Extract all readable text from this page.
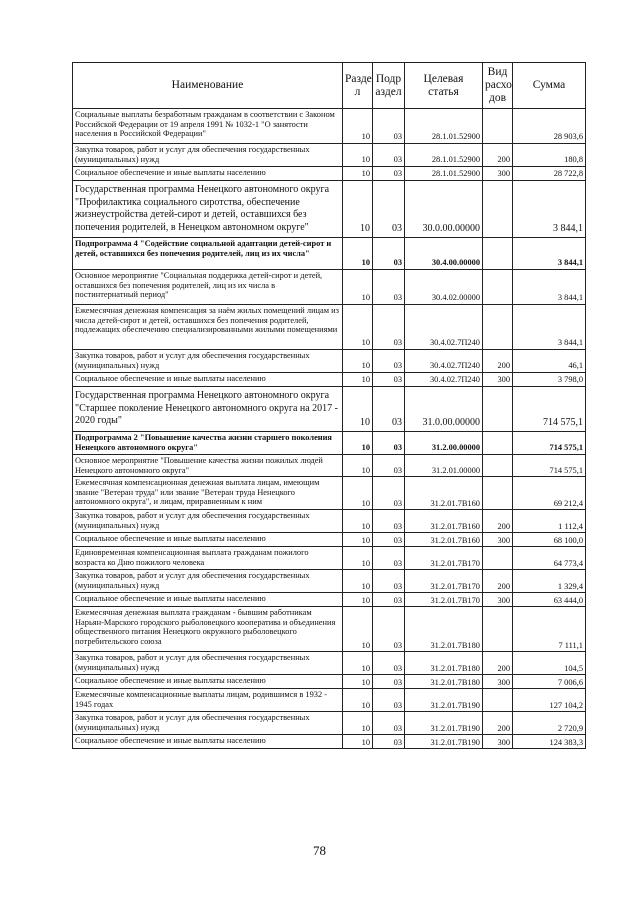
Наименование	Разде л	Подр аздел	Целевая статья	Вид расхо дов	Сумма
Социальные выплаты безработным гражданам в соответствии с Законом Российской Федерации от 19 апреля 1991 № 1032-1 "О занятости населения в Российской Федерации"	10	03	28.1.01.52900		28 903,6
Закупка товаров, работ и услуг для обеспечения государственных (муниципальных) нужд	10	03	28.1.01.52900	200	180,8
Социальное обеспечение и иные выплаты населению	10	03	28.1.01.52900	300	28 722,8
Государственная программа Ненецкого автономного округа "Профилактика социального сиротства, обеспечение жизнеустройства детей-сирот и детей, оставшихся без попечения родителей, в Ненецком автономном округе"	10	03	30.0.00.00000		3 844,1
Подпрограмма 4 "Содействие социальной адаптации детей-сирот и детей, оставшихся без попечения родителей, лиц из их числа"	10	03	30.4.00.00000		3 844,1
Основное мероприятие "Социальная поддержка детей-сирот и детей, оставшихся без попечения родителей, лиц из их числа в постинтернатный период"	10	03	30.4.02.00000		3 844,1
Ежемесячная денежная компенсация за наём жилых помещений лицам из числа детей-сирот и детей, оставшихся без попечения родителей, подлежащих обеспечению специализированными жилыми помещениями	10	03	30.4.02.7П240		3 844,1
Закупка товаров, работ и услуг для обеспечения государственных (муниципальных) нужд	10	03	30.4.02.7П240	200	46,1
Социальное обеспечение и иные выплаты населению	10	03	30.4.02.7П240	300	3 798,0
Государственная программа Ненецкого автономного округа "Старшее поколение Ненецкого автономного округа на 2017 - 2020 годы"	10	03	31.0.00.00000		714 575,1
Подпрограмма 2 "Повышение качества жизни старшего поколения Ненецкого автономного округа"	10	03	31.2.00.00000		714 575,1
Основное мероприятие "Повышение качества жизни пожилых людей Ненецкого автономного округа"	10	03	31.2.01.00000		714 575,1
Ежемесячная компенсационная денежная выплата лицам, имеющим звание "Ветеран труда" или звание "Ветеран труда Ненецкого автономного округа", и лицам, приравненным к ним	10	03	31.2.01.7В160		69 212,4
Закупка товаров, работ и услуг для обеспечения государственных (муниципальных) нужд	10	03	31.2.01.7В160	200	1 112,4
Социальное обеспечение и иные выплаты населению	10	03	31.2.01.7В160	300	68 100,0
Единовременная компенсационная выплата гражданам пожилого возраста ко Дню пожилого человека	10	03	31.2.01.7В170		64 773,4
Закупка товаров, работ и услуг для обеспечения государственных (муниципальных) нужд	10	03	31.2.01.7В170	200	1 329,4
Социальное обеспечение и иные выплаты населению	10	03	31.2.01.7В170	300	63 444,0
Ежемесячная денежная выплата гражданам - бывшим работникам Нарьян-Марского городского рыболовецкого кооператива и объединения общественного питания Ненецкого окружного рыболовецкого потребительского союза	10	03	31.2.01.7В180		7 111,1
Закупка товаров, работ и услуг для обеспечения государственных (муниципальных) нужд	10	03	31.2.01.7В180	200	104,5
Социальное обеспечение и иные выплаты населению	10	03	31.2.01.7В180	300	7 006,6
Ежемесячные компенсационные выплаты лицам, родившимся в 1932 - 1945 годах	10	03	31.2.01.7В190		127 104,2
Закупка товаров, работ и услуг для обеспечения государственных (муниципальных) нужд	10	03	31.2.01.7В190	200	2 720,9
Социальное обеспечение и иные выплаты населению	10	03	31.2.01.7В190	300	124 383,3
78
